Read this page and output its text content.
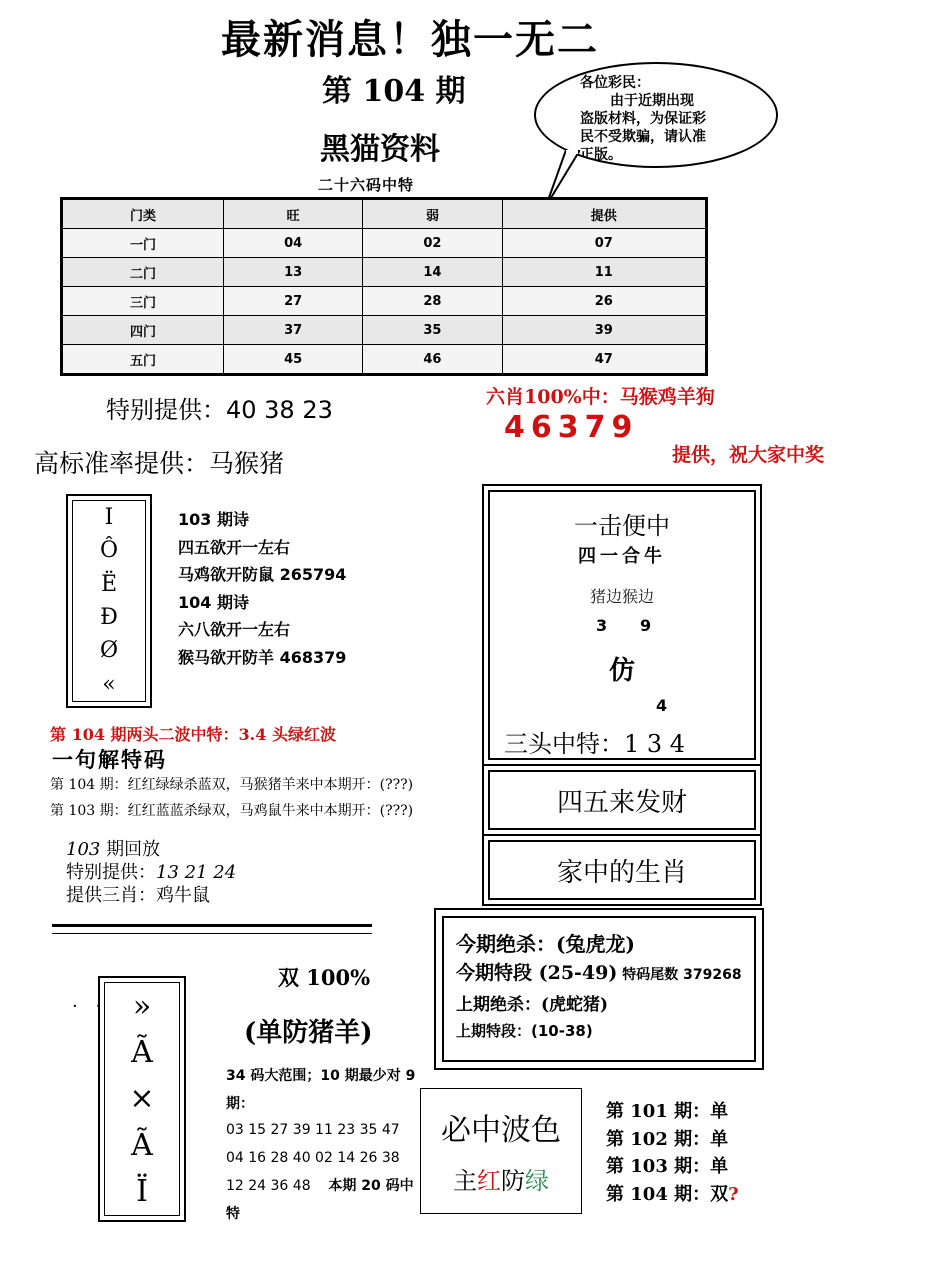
最新消息！独一无二
第 104 期
黑猫资料
各位彩民：
由于近期出现
盗版材料，为保证彩
民不受欺骗，请认准
正版。
二十六码中特
门类	旺	弱	提供
一门	04	02	07
二门	13	14	11
三门	27	28	26
四门	37	35	39
五门	45	46	47
特别提供：40 38 23	六肖100%中：马猴鸡羊狗
46379
提供，祝大家中奖
高标准率提供：马猴猪
I
Ô
Ë
Ð
Ø
«
103 期诗
四五欲开一左右
马鸡欲开防鼠 265794
104 期诗
六八欲开一左右
猴马欲开防羊 468379
第 104 期两头二波中特：3.4 头绿红波
一句解特码
第 104 期：红红绿绿杀蓝双，马猴猪羊来中本期开：(???)
第 103 期：红红蓝蓝杀绿双，马鸡鼠牛来中本期开：(???)
103 期回放
特别提供：13 21 24
提供三肖：鸡牛鼠
一击便中
四一合牛
猪边猴边
3 9
仿
4
三头中特：1 3 4
四五来发财
家中的生肖
今期绝杀：(兔虎龙)
今期特段 (25-49) 特码尾数 379268
上期绝杀：(虎蛇猪)
上期特段：(10-38)
· · »
Ã
×
Ã
Ï
双 100%
(单防猪羊)
34 码大范围；10 期最少对 9 期：
03 15 27 39 11 23 35 47
04 16 28 40 02 14 26 38
12 24 36 48 本期 20 码中特
必中波色
主红防绿
第 101 期：单
第 102 期：单
第 103 期：单
第 104 期：双?
